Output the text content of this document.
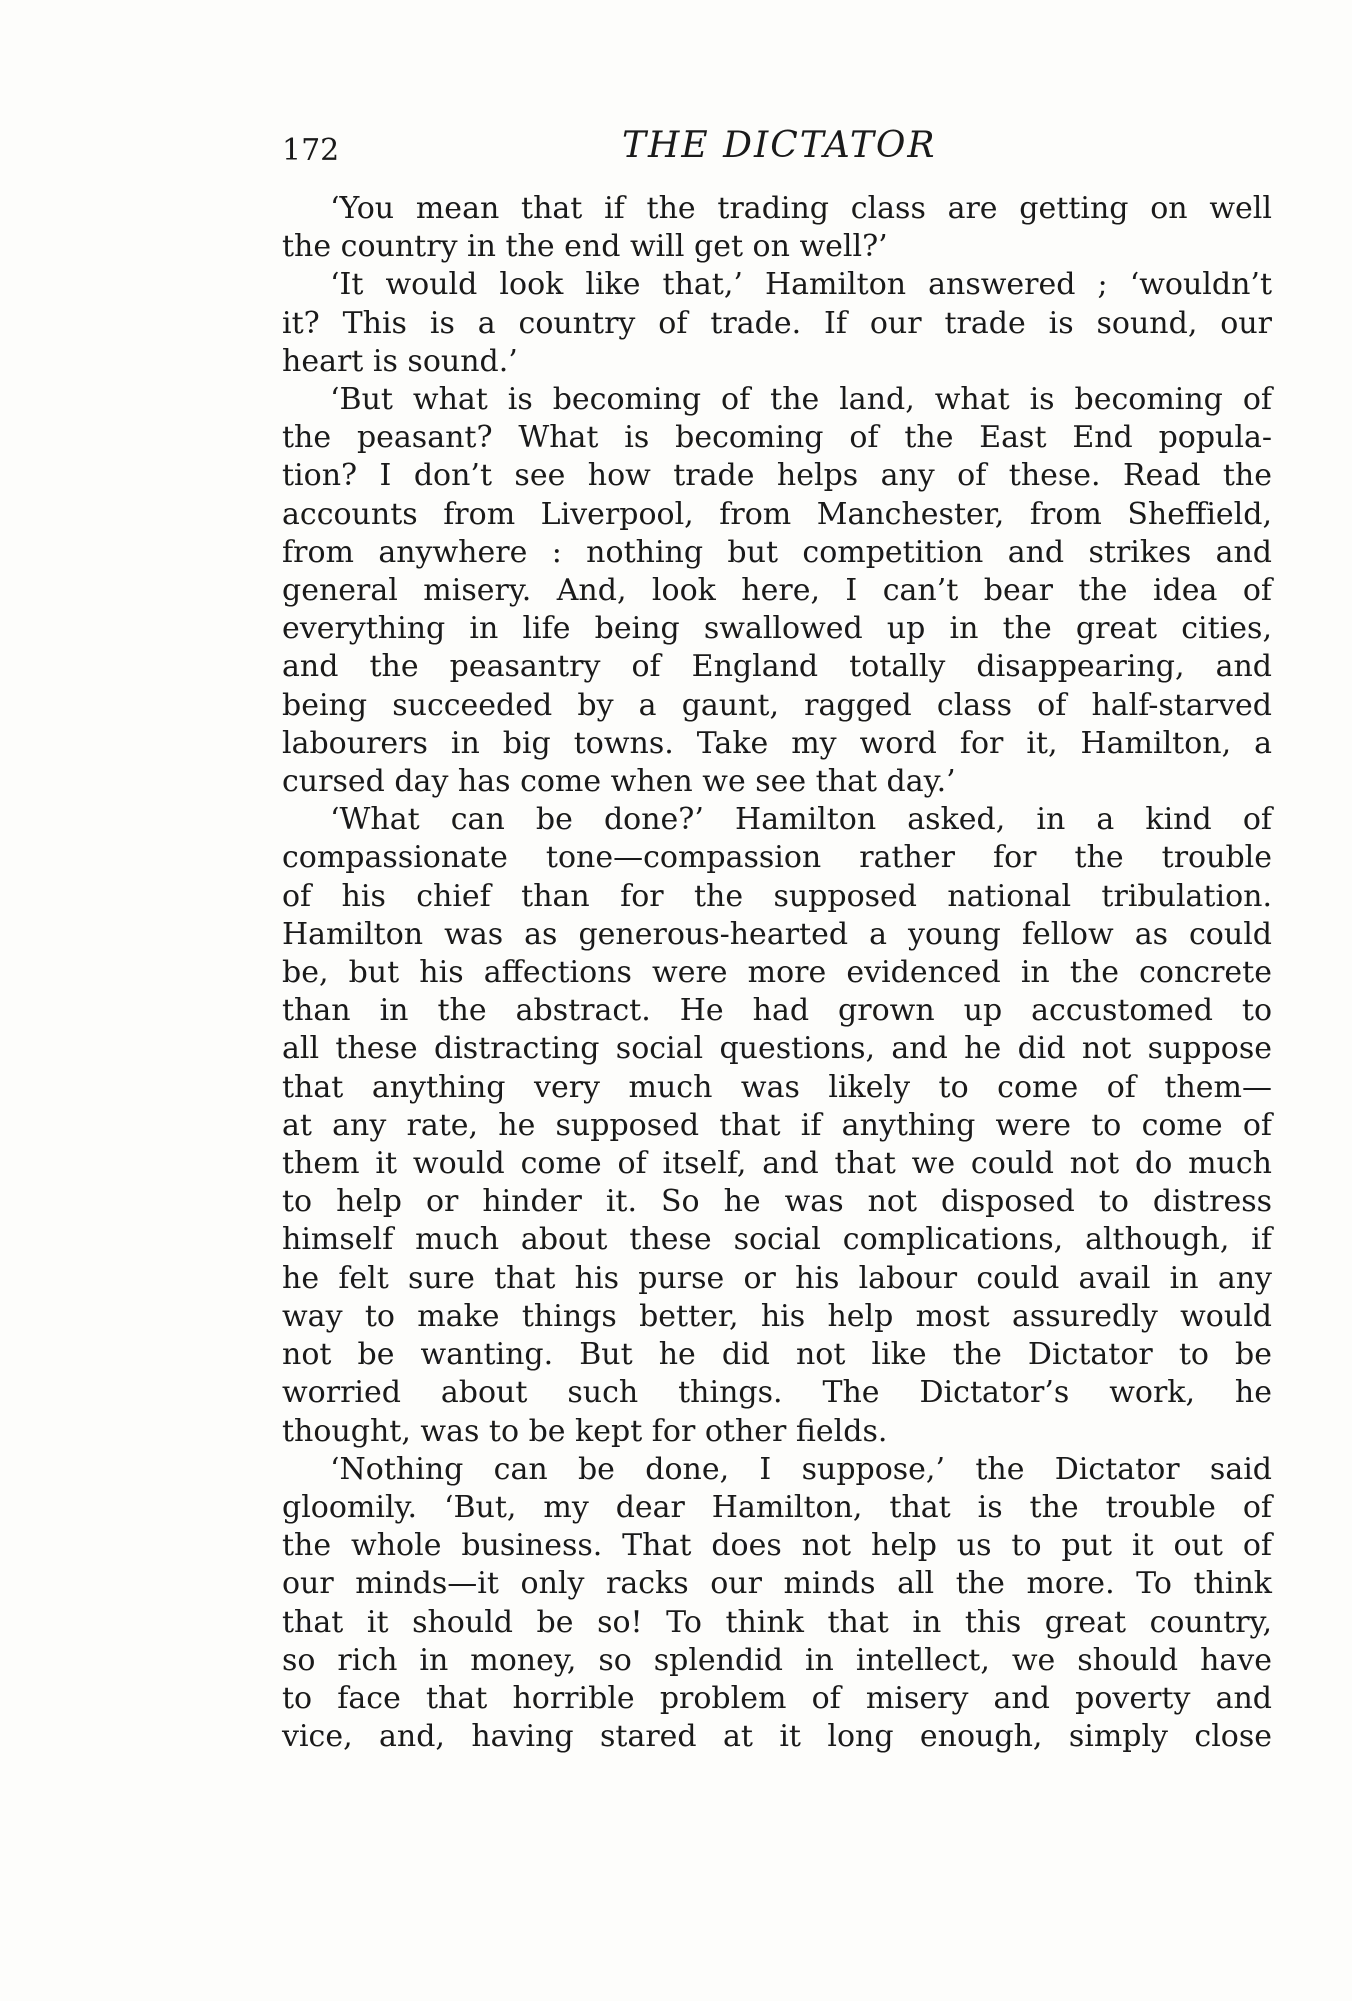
172	THE DICTATOR
‘You mean that if the trading class are getting on well
the country in the end will get on well?’
‘It would look like that,’ Hamilton answered ; ‘wouldn’t
it? This is a country of trade. If our trade is sound, our
heart is sound.’
‘But what is becoming of the land, what is becoming of
the peasant? What is becoming of the East End popula-
tion? I don’t see how trade helps any of these. Read the
accounts from Liverpool, from Manchester, from Sheffield,
from anywhere : nothing but competition and strikes and
general misery. And, look here, I can’t bear the idea of
everything in life being swallowed up in the great cities,
and the peasantry of England totally disappearing, and
being succeeded by a gaunt, ragged class of half-starved
labourers in big towns. Take my word for it, Hamilton, a
cursed day has come when we see that day.’
‘What can be done?’ Hamilton asked, in a kind of
compassionate tone—compassion rather for the trouble
of his chief than for the supposed national tribulation.
Hamilton was as generous-hearted a young fellow as could
be, but his affections were more evidenced in the concrete
than in the abstract. He had grown up accustomed to
all these distracting social questions, and he did not suppose
that anything very much was likely to come of them—
at any rate, he supposed that if anything were to come of
them it would come of itself, and that we could not do much
to help or hinder it. So he was not disposed to distress
himself much about these social complications, although, if
he felt sure that his purse or his labour could avail in any
way to make things better, his help most assuredly would
not be wanting. But he did not like the Dictator to be
worried about such things. The Dictator’s work, he
thought, was to be kept for other fields.
‘Nothing can be done, I suppose,’ the Dictator said
gloomily. ‘But, my dear Hamilton, that is the trouble of
the whole business. That does not help us to put it out of
our minds—it only racks our minds all the more. To think
that it should be so! To think that in this great country,
so rich in money, so splendid in intellect, we should have
to face that horrible problem of misery and poverty and
vice, and, having stared at it long enough, simply close
